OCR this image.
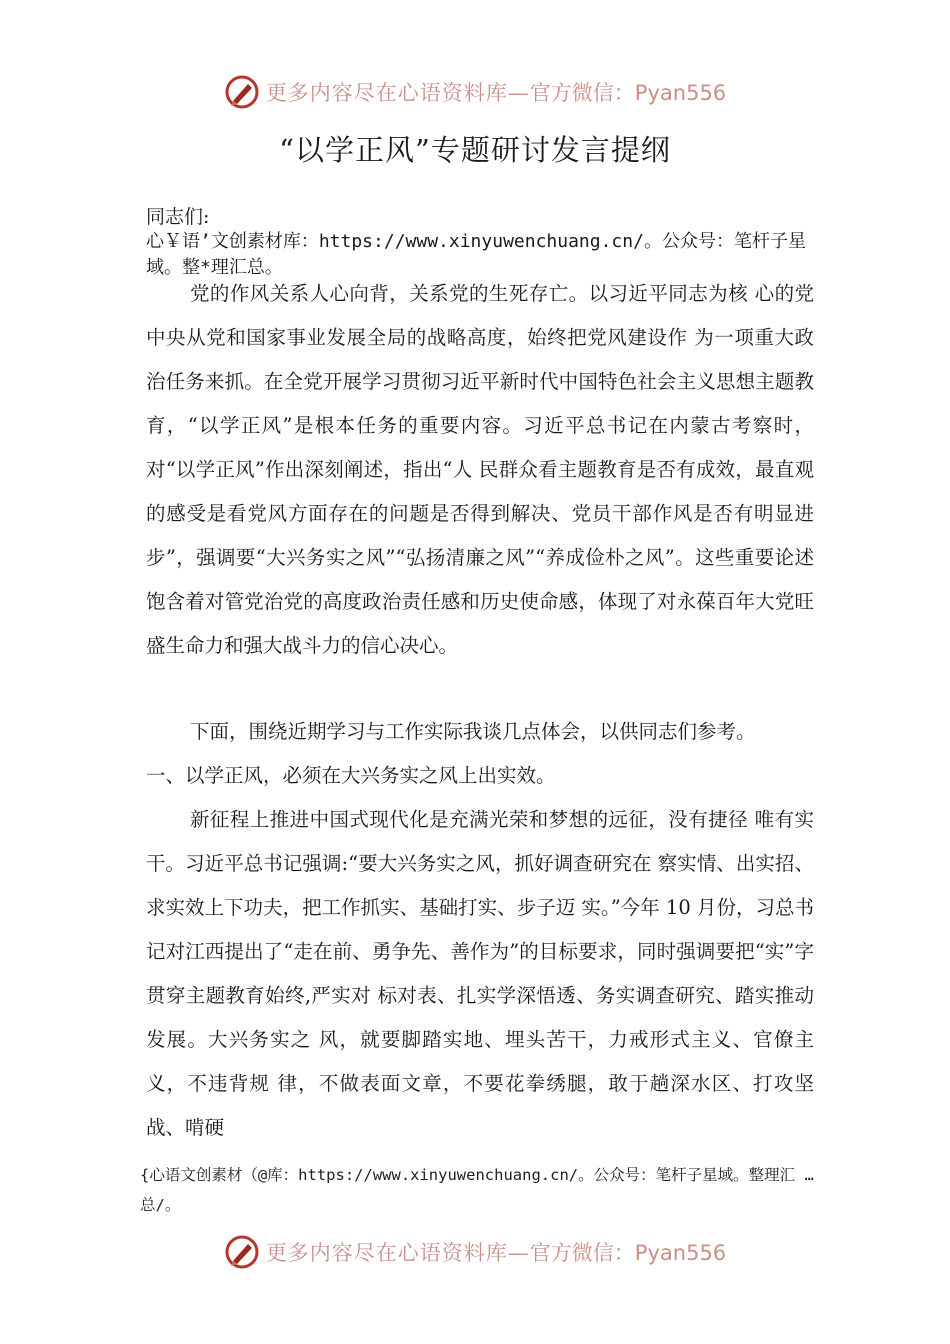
更多内容尽在心语资料库— 官方微信：Pyan556
“以学正风”专题研讨发言提纲
同志们:

心￥语’文创素材库：https://www.xinyuwenchuang.cn/。公众号：笔杆子星域。整*理汇总。

党的作风关系人心向背，关系党的生死存亡。以习近平同志为核 心的党中央从党和国家事业发展全局的战略高度，始终把党风建设作 为一项重大政治任务来抓。在全党开展学习贯彻习近平新时代中国特色社会主义思想主题教育，“以学正风”是根本任务的重要内容。习近平总书记在内蒙古考察时，对“以学正风”作出深刻阐述，指出“人 民群众看主题教育是否有成效，最直观的感受是看党风方面存在的问题是否得到解决、党员干部作风是否有明显进步”，强调要“大兴务实之风”“弘扬清廉之风”“养成俭朴之风”。这些重要论述饱含着对管党治党的高度政治责任感和历史使命感，体现了对永葆百年大党旺 盛生命力和强大战斗力的信心决心。

下面，围绕近期学习与工作实际我谈几点体会，以供同志们参考。

一、以学正风，必须在大兴务实之风上出实效。

新征程上推进中国式现代化是充满光荣和梦想的远征，没有捷径 唯有实干。习近平总书记强调:“要大兴务实之风，抓好调查研究在 察实情、出实招、求实效上下功夫，把工作抓实、基础打实、步子迈 实。”今年 10 月份，习总书记对江西提出了“走在前、勇争先、善作为”的目标要求，同时强调要把“实”字贯穿主题教育始终,严实对 标对表、扎实学深悟透、务实调查研究、踏实推动发展。大兴务实之 风，就要脚踏实地、埋头苦干，力戒形式主义、官僚主义，不违背规 律，不做表面文章，不要花拳绣腿，敢于趟深水区、打攻坚战、啃硬

{心语文创素材（@库：https://www.xinyuwenchuang.cn/。公众号：笔杆子星域。整理汇 …总/。

更多内容尽在心语资料库— 官方微信：Pyan556
